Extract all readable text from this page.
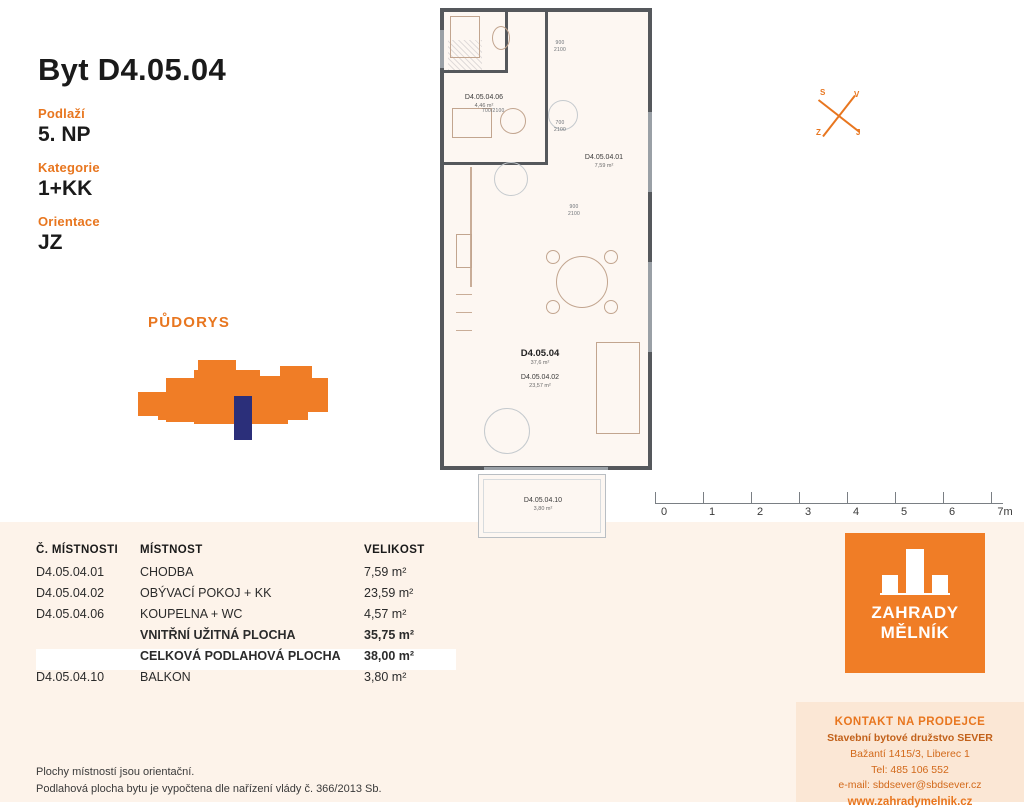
Byt D4.05.04
Podlaží
5. NP
Kategorie
1+KK
Orientace
JZ
PŮDORYS
S	V
J
Z
D4.05.04.06
4,46 m²
D4.05.04.01
7,59 m²
D4.05.04
37,6 m²
D4.05.04.02
23,57 m²
900
2100
700
2100
900
2100
700/2100
D4.05.04.10
3,80 m²	0	1	2	3	4	5	6	7m
Č. MÍSTNOSTI	MÍSTNOST	VELIKOST
D4.05.04.01	CHODBA	7,59 m²
D4.05.04.02	OBÝVACÍ POKOJ + KK	23,59 m²
D4.05.04.06	KOUPELNA + WC	4,57 m²
VNITŘNÍ UŽITNÁ PLOCHA	35,75 m²
CELKOVÁ PODLAHOVÁ PLOCHA	38,00 m²
D4.05.04.10	BALKON	3,80 m²
Plochy místností jsou orientační.
Podlahová plocha bytu je vypočtena dle nařízení vlády č. 366/2013 Sb.
ZAHRADY
MĚLNÍK
KONTAKT NA PRODEJCE
Stavební bytové družstvo SEVER
Bažantí 1415/3, Liberec 1
Tel: 485 106 552
e-mail: sbdsever@sbdsever.cz
www.zahradymelnik.cz
